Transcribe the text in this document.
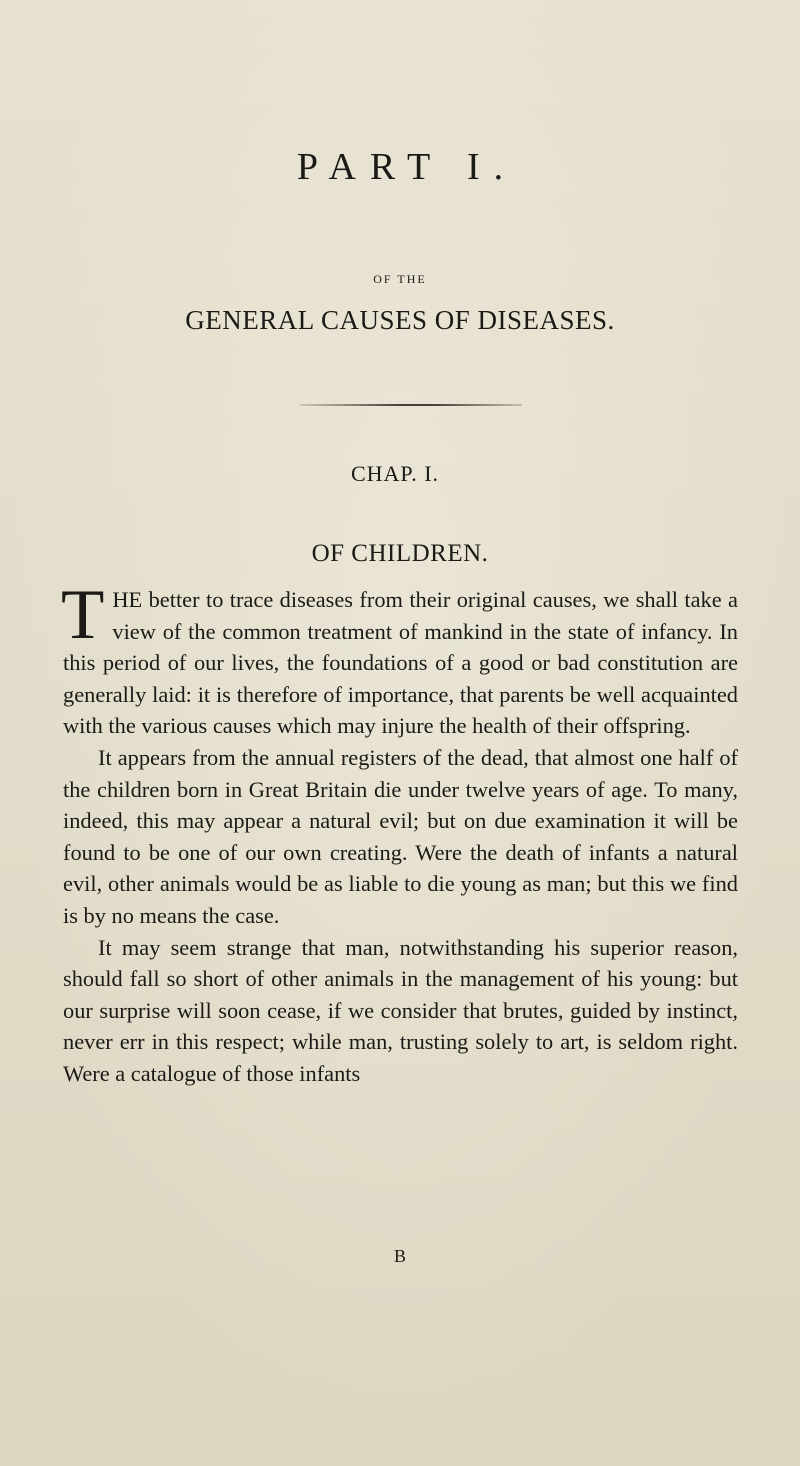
PART I.
OF THE
GENERAL CAUSES OF DISEASES.
CHAP. I.
OF CHILDREN.

THE better to trace diseases from their original causes, we shall take a view of the common treatment of mankind in the state of infancy. In this period of our lives, the foundations of a good or bad constitution are generally laid: it is therefore of importance, that parents be well acquainted with the various causes which may injure the health of their offspring.

It appears from the annual registers of the dead, that almost one half of the children born in Great Britain die under twelve years of age. To many, indeed, this may appear a natural evil; but on due examination it will be found to be one of our own creating. Were the death of infants a natural evil, other animals would be as liable to die young as man; but this we find is by no means the case.

It may seem strange that man, notwithstanding his superior reason, should fall so short of other animals in the management of his young: but our surprise will soon cease, if we consider that brutes, guided by instinct, never err in this respect; while man, trusting solely to art, is seldom right. Were a catalogue of those infants

B
